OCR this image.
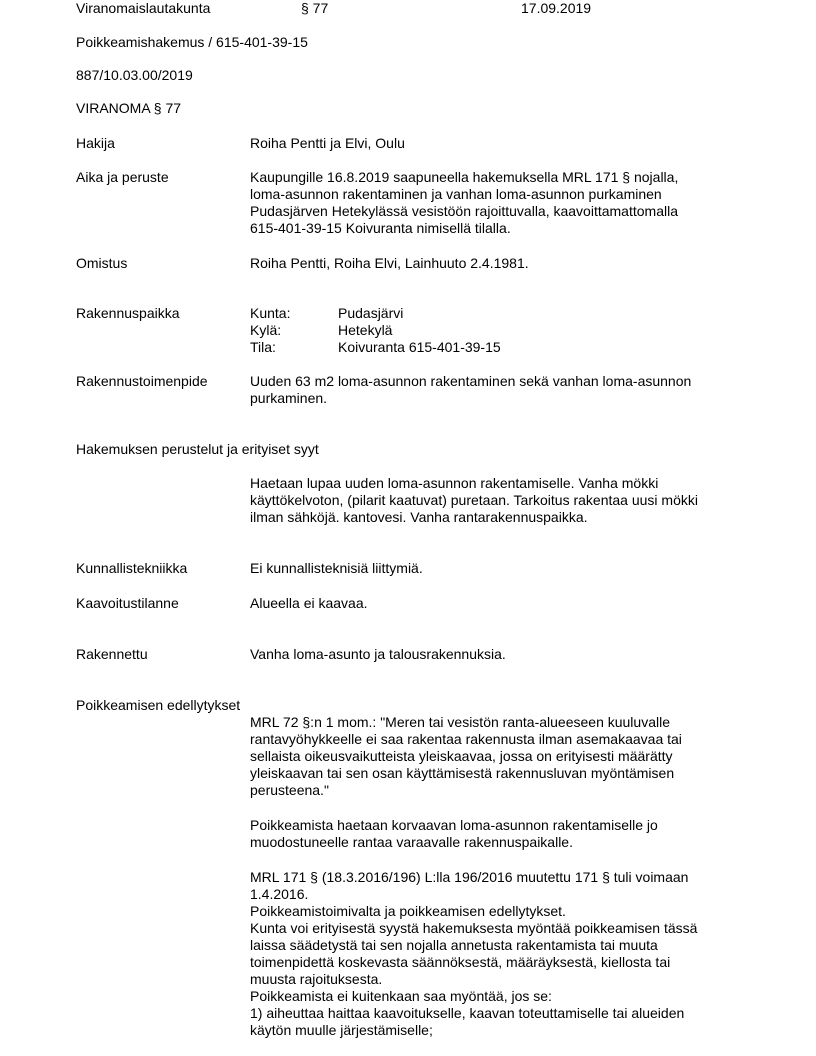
Viranomaislautakunta	§ 77	17.09.2019
Poikkeamishakemus / 615-401-39-15
887/10.03.00/2019
VIRANOMA § 77
Hakija	Roiha Pentti ja Elvi, Oulu
Aika ja peruste	Kaupungille 16.8.2019 saapuneella hakemuksella MRL 171 § nojalla,
loma-asunnon rakentaminen ja vanhan loma-asunnon purkaminen
Pudasjärven Hetekylässä vesistöön rajoittuvalla, kaavoittamattomalla
615-401-39-15 Koivuranta nimisellä tilalla.
Omistus	Roiha Pentti, Roiha Elvi, Lainhuuto 2.4.1981.
Rakennuspaikka	Kunta:	Pudasjärvi
Kylä:	Hetekylä
Tila:	Koivuranta 615-401-39-15
Rakennustoimenpide	Uuden 63 m2 loma-asunnon rakentaminen sekä vanhan loma-asunnon
purkaminen.
Hakemuksen perustelut ja erityiset syyt
Haetaan lupaa uuden loma-asunnon rakentamiselle. Vanha mökki
käyttökelvoton, (pilarit kaatuvat) puretaan. Tarkoitus rakentaa uusi mökki
ilman sähköjä. kantovesi. Vanha rantarakennuspaikka.
Kunnallistekniikka	Ei kunnallisteknisiä liittymiä.
Kaavoitustilanne	Alueella ei kaavaa.
Rakennettu	Vanha loma-asunto ja talousrakennuksia.
Poikkeamisen edellytykset
MRL 72 §:n 1 mom.: "Meren tai vesistön ranta-alueeseen kuuluvalle
rantavyöhykkeelle ei saa rakentaa rakennusta ilman asemakaavaa tai
sellaista oikeusvaikutteista yleiskaavaa, jossa on erityisesti määrätty
yleiskaavan tai sen osan käyttämisestä rakennusluvan myöntämisen
perusteena."
Poikkeamista haetaan korvaavan loma-asunnon rakentamiselle jo
muodostuneelle rantaa varaavalle rakennuspaikalle.
MRL 171 § (18.3.2016/196) L:lla 196/2016 muutettu 171 § tuli voimaan
1.4.2016.
Poikkeamistoimivalta ja poikkeamisen edellytykset.
Kunta voi erityisestä syystä hakemuksesta myöntää poikkeamisen tässä
laissa säädetystä tai sen nojalla annetusta rakentamista tai muuta
toimenpidettä koskevasta säännöksestä, määräyksestä, kiellosta tai
muusta rajoituksesta.
Poikkeamista ei kuitenkaan saa myöntää, jos se:
1) aiheuttaa haittaa kaavoitukselle, kaavan toteuttamiselle tai alueiden
käytön muulle järjestämiselle;
